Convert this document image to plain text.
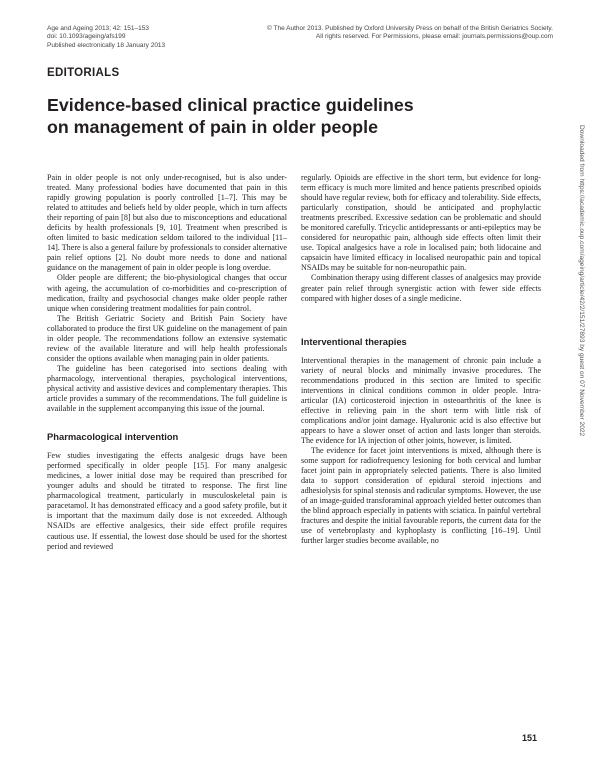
Age and Ageing 2013; 42: 151–153
doi: 10.1093/ageing/afs199
Published electronically 18 January 2013
© The Author 2013. Published by Oxford University Press on behalf of the British Geriatrics Society.
All rights reserved. For Permissions, please email: journals.permissions@oup.com
EDITORIALS
Evidence-based clinical practice guidelines
on management of pain in older people

Pain in older people is not only under-recognised, but is also under-treated. Many professional bodies have documented that pain in this rapidly growing population is poorly controlled [1–7]. This may be related to attitudes and beliefs held by older people, which in turn affects their reporting of pain [8] but also due to misconceptions and educational deficits by health professionals [9, 10]. Treatment when prescribed is often limited to basic medication seldom tailored to the individual [11–14]. There is also a general failure by professionals to consider alternative pain relief options [2]. No doubt more needs to done and national guidance on the management of pain in older people is long overdue.

Older people are different; the bio-physiological changes that occur with ageing, the accumulation of co-morbidities and co-prescription of medication, frailty and psychosocial changes make older people rather unique when considering treatment modalities for pain control.

The British Geriatric Society and British Pain Society have collaborated to produce the first UK guideline on the management of pain in older people. The recommendations follow an extensive systematic review of the available literature and will help health professionals consider the options available when managing pain in older patients.

The guideline has been categorised into sections dealing with pharmacology, interventional therapies, psychological interventions, physical activity and assistive devices and complementary therapies. This article provides a summary of the recommendations. The full guideline is available in the supplement accompanying this issue of the journal.

Pharmacological intervention

Few studies investigating the effects analgesic drugs have been performed specifically in older people [15]. For many analgesic medicines, a lower initial dose may be required than prescribed for younger adults and should be titrated to response. The first line pharmacological treatment, particularly in musculoskeletal pain is paracetamol. It has demonstrated efficacy and a good safety profile, but it is important that the maximum daily dose is not exceeded. Although NSAIDs are effective analgesics, their side effect profile requires cautious use. If essential, the lowest dose should be used for the shortest period and reviewed

regularly. Opioids are effective in the short term, but evidence for long-term efficacy is much more limited and hence patients prescribed opioids should have regular review, both for efficacy and tolerability. Side effects, particularly constipation, should be anticipated and prophylactic treatments prescribed. Excessive sedation can be problematic and should be monitored carefully. Tricyclic antidepressants or anti-epileptics may be considered for neuropathic pain, although side effects often limit their use. Topical analgesics have a role in localised pain; both lidocaine and capsaicin have limited efficacy in localised neuropathic pain and topical NSAIDs may be suitable for non-neuropathic pain.

Combination therapy using different classes of analgesics may provide greater pain relief through synergistic action with fewer side effects compared with higher doses of a single medicine.

Interventional therapies

Interventional therapies in the management of chronic pain include a variety of neural blocks and minimally invasive procedures. The recommendations produced in this section are limited to specific interventions in clinical conditions common in older people. Intra-articular (IA) corticosteroid injection in osteoarthritis of the knee is effective in relieving pain in the short term with little risk of complications and/or joint damage. Hyaluronic acid is also effective but appears to have a slower onset of action and lasts longer than steroids. The evidence for IA injection of other joints, however, is limited.

The evidence for facet joint interventions is mixed, although there is some support for radiofrequency lesioning for both cervical and lumbar facet joint pain in appropriately selected patients. There is also limited data to support consideration of epidural steroid injections and adhesiolysis for spinal stenosis and radicular symptoms. However, the use of an image-guided transforaminal approach yielded better outcomes than the blind approach especially in patients with sciatica. In painful vertebral fractures and despite the initial favourable reports, the current data for the use of vertebroplasty and kyphoplasty is conflicting [16–19]. Until further larger studies become available, no

Downloaded from https://academic.oup.com/ageing/article/42/2/151/27893 by guest on 07 November 2022
151
